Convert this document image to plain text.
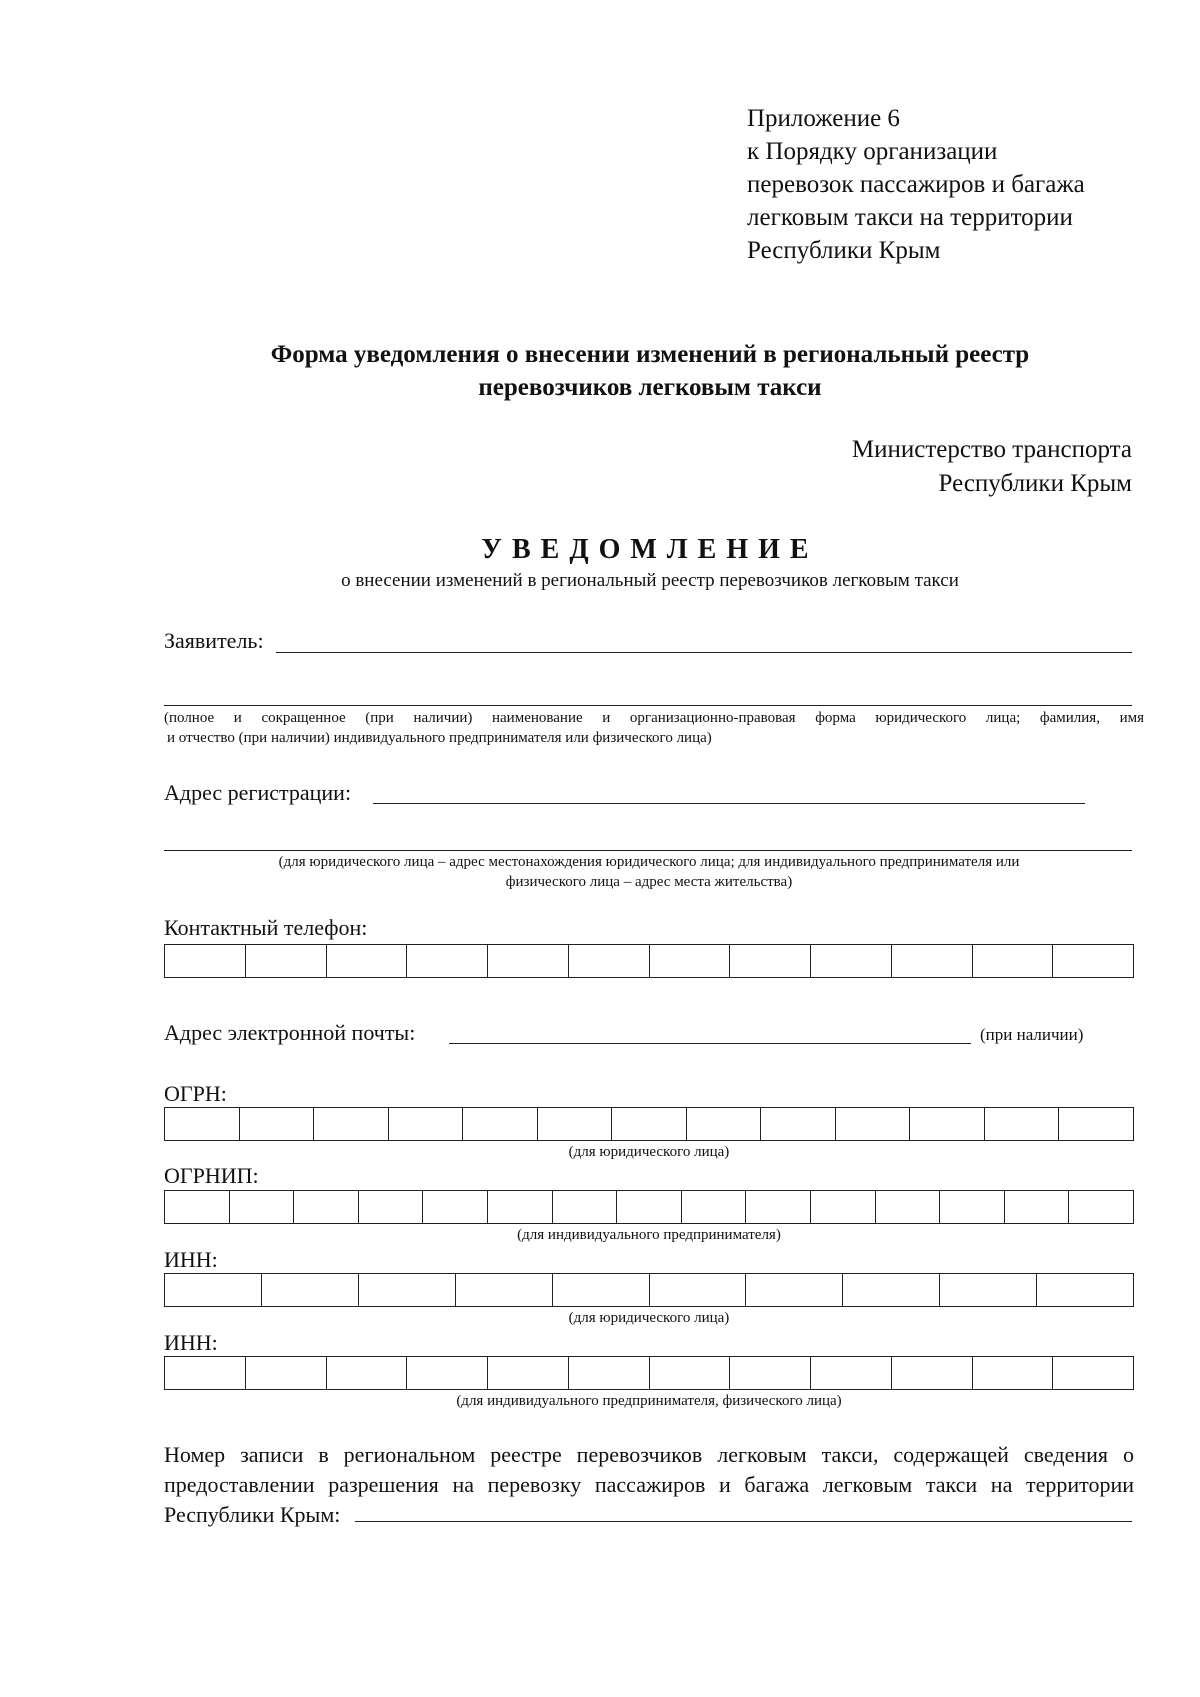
Приложение 6
к Порядку организации
перевозок пассажиров и багажа
легковым такси на территории
Республики Крым
Форма уведомления о внесении изменений в региональный реестр
перевозчиков легковым такси
Министерство транспорта
Республики Крым
УВЕДОМЛЕНИЕ
о внесении изменений в региональный реестр перевозчиков легковым такси
Заявитель:
(полное и сокращенное (при наличии) наименование и организационно-правовая форма юридического лица; фамилия, имя
и отчество (при наличии) индивидуального предпринимателя или физического лица)
Адрес регистрации:
(для юридического лица – адрес местонахождения юридического лица; для индивидуального предпринимателя или
физического лица – адрес места жительства)
Контактный телефон:
Адрес электронной почты:	(при наличии)
ОГРН:
(для юридического лица)
ОГРНИП:
(для индивидуального предпринимателя)
ИНН:
(для юридического лица)
ИНН:
(для индивидуального предпринимателя, физического лица)
Номер записи в региональном реестре перевозчиков легковым такси, содержащей сведения о
предоставлении разрешения на перевозку пассажиров и багажа легковым такси на территории
Республики Крым:
